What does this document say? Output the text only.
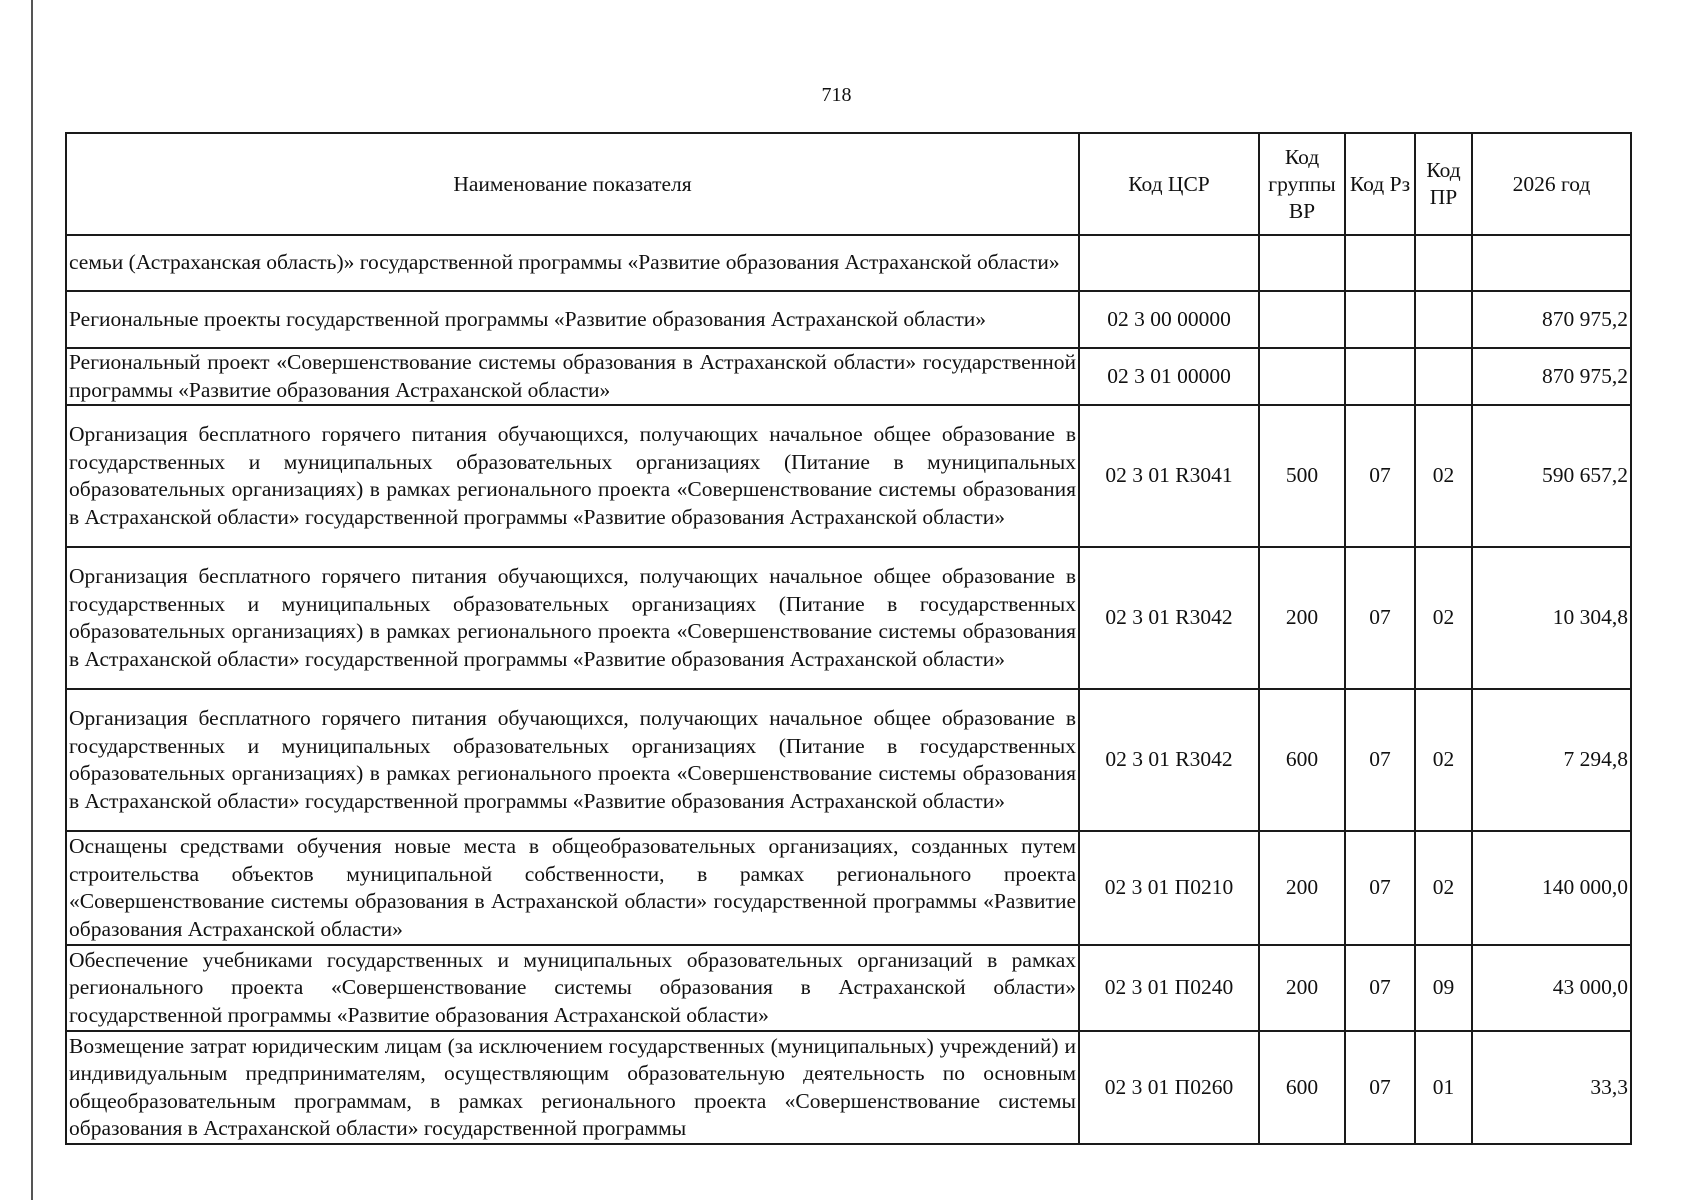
718
Наименование показателя	Код ЦСР	Код группы ВР	Код Рз	Код ПР	2026 год
семьи (Астраханская область)» государственной программы «Развитие образования Астраханской области»					
Региональные проекты государственной программы «Развитие образования Астраханской области»	02 3 00 00000				870 975,2
Региональный проект «Совершенствование системы образования в Астраханской области» государственной программы «Развитие образования Астраханской области»	02 3 01 00000				870 975,2
Организация бесплатного горячего питания обучающихся, получающих начальное общее образование в государственных и муниципальных образовательных организациях (Питание в муниципальных образовательных организациях) в рамках регионального проекта «Совершенствование системы образования в Астраханской области» государственной программы «Развитие образования Астраханской области»	02 3 01 R3041	500	07	02	590 657,2
Организация бесплатного горячего питания обучающихся, получающих начальное общее образование в государственных и муниципальных образовательных организациях (Питание в государственных образовательных организациях) в рамках регионального проекта «Совершенствование системы образования в Астраханской области» государственной программы «Развитие образования Астраханской области»	02 3 01 R3042	200	07	02	10 304,8
Организация бесплатного горячего питания обучающихся, получающих начальное общее образование в государственных и муниципальных образовательных организациях (Питание в государственных образовательных организациях) в рамках регионального проекта «Совершенствование системы образования в Астраханской области» государственной программы «Развитие образования Астраханской области»	02 3 01 R3042	600	07	02	7 294,8
Оснащены средствами обучения новые места в общеобразовательных организациях, созданных путем строительства объектов муниципальной собственности, в рамках регионального проекта «Совершенствование системы образования в Астраханской области» государственной программы «Развитие образования Астраханской области»	02 3 01 П0210	200	07	02	140 000,0
Обеспечение учебниками государственных и муниципальных образовательных организаций в рамках регионального проекта «Совершенствование системы образования в Астраханской области» государственной программы «Развитие образования Астраханской области»	02 3 01 П0240	200	07	09	43 000,0
Возмещение затрат юридическим лицам (за исключением государственных (муниципальных) учреждений) и индивидуальным предпринимателям, осуществляющим образовательную деятельность по основным общеобразовательным программам, в рамках регионального проекта «Совершенствование системы образования в Астраханской области» государственной программы	02 3 01 П0260	600	07	01	33,3
